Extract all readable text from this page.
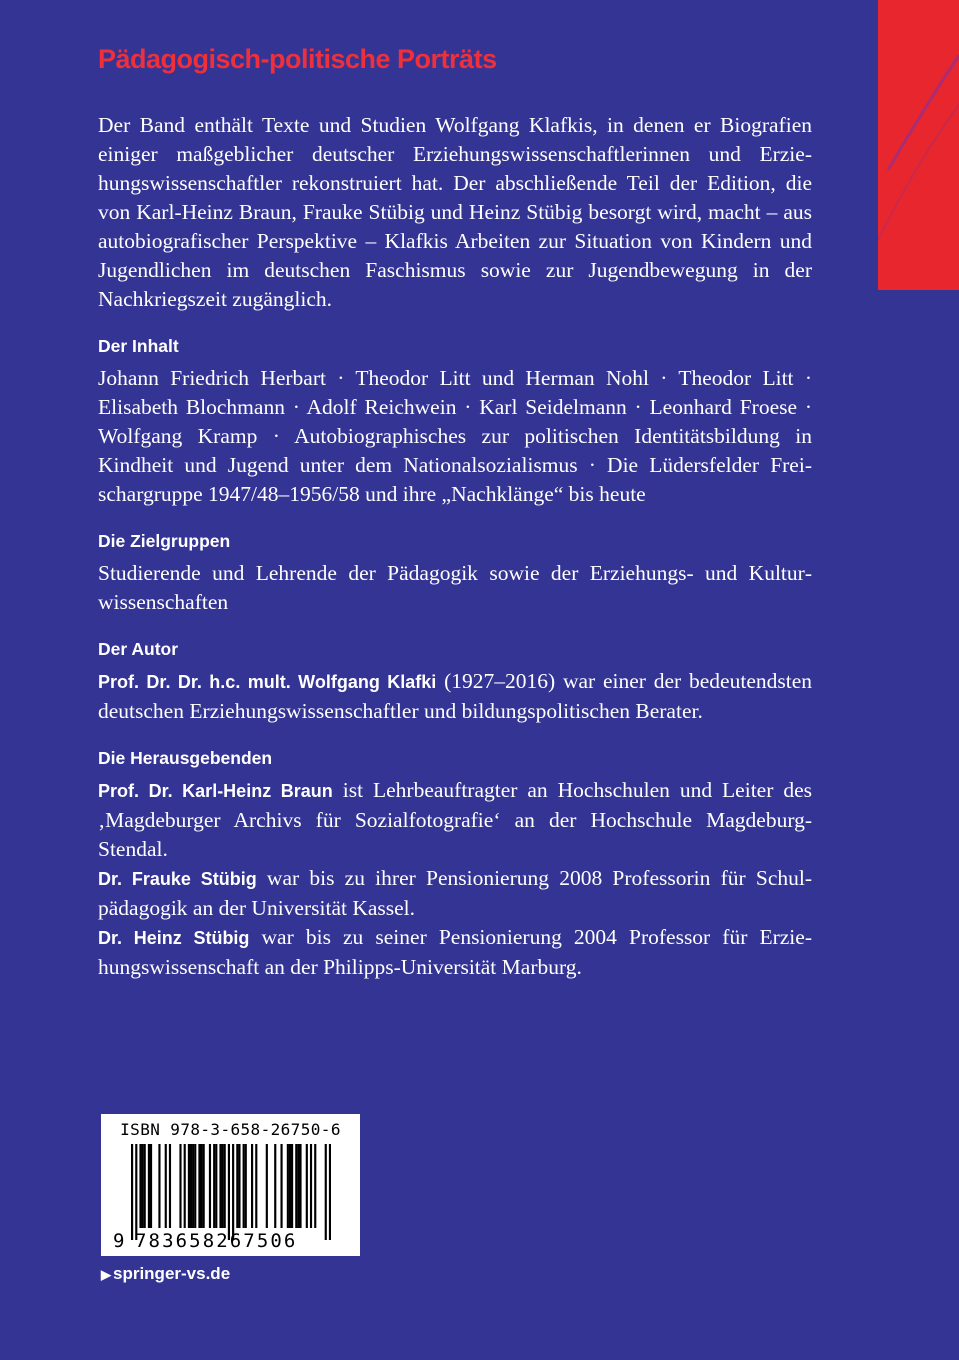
Pädagogisch-politische Porträts

Der Band enthält Texte und Studien Wolfgang Klafkis, in denen er Biografien einiger maßgeblicher deutscher Erziehungswissenschaftlerinnen und Erziehungswissenschaftler rekonstruiert hat. Der abschließende Teil der Edition, die von Karl-Heinz Braun, Frauke Stübig und Heinz Stübig besorgt wird, macht – aus autobiografischer Perspektive – Klafkis Arbeiten zur Situation von Kindern und Jugendlichen im deutschen Faschismus sowie zur Jugendbewegung in der Nachkriegszeit zugänglich.

Der Inhalt

Johann Friedrich Herbart · Theodor Litt und Herman Nohl · Theodor Litt · Elisabeth Blochmann · Adolf Reichwein · Karl Seidelmann · Leonhard Froese · Wolfgang Kramp · Autobiographisches zur politischen Identitätsbildung in Kindheit und Jugend unter dem Nationalsozialismus · Die Lüdersfelder Freischargruppe 1947/48–1956/58 und ihre „Nachklänge“ bis heute

Die Zielgruppen

Studierende und Lehrende der Pädagogik sowie der Erziehungs- und Kulturwissenschaften

Der Autor

Prof. Dr. Dr. h.c. mult. Wolfgang Klafki (1927–2016) war einer der bedeutendsten deutschen Erziehungswissenschaftler und bildungspolitischen Berater.

Die Herausgebenden

Prof. Dr. Karl-Heinz Braun ist Lehrbeauftragter an Hochschulen und Leiter des ‚Magdeburger Archivs für Sozialfotografie‘ an der Hochschule Magdeburg-Stendal.

Dr. Frauke Stübig war bis zu ihrer Pensionierung 2008 Professorin für Schulpädagogik an der Universität Kassel.

Dr. Heinz Stübig war bis zu seiner Pensionierung 2004 Professor für Erziehungswissenschaft an der Philipps-Universität Marburg.

ISBN 978-3-658-26750-6
9 783658267506
▶ springer-vs.de
